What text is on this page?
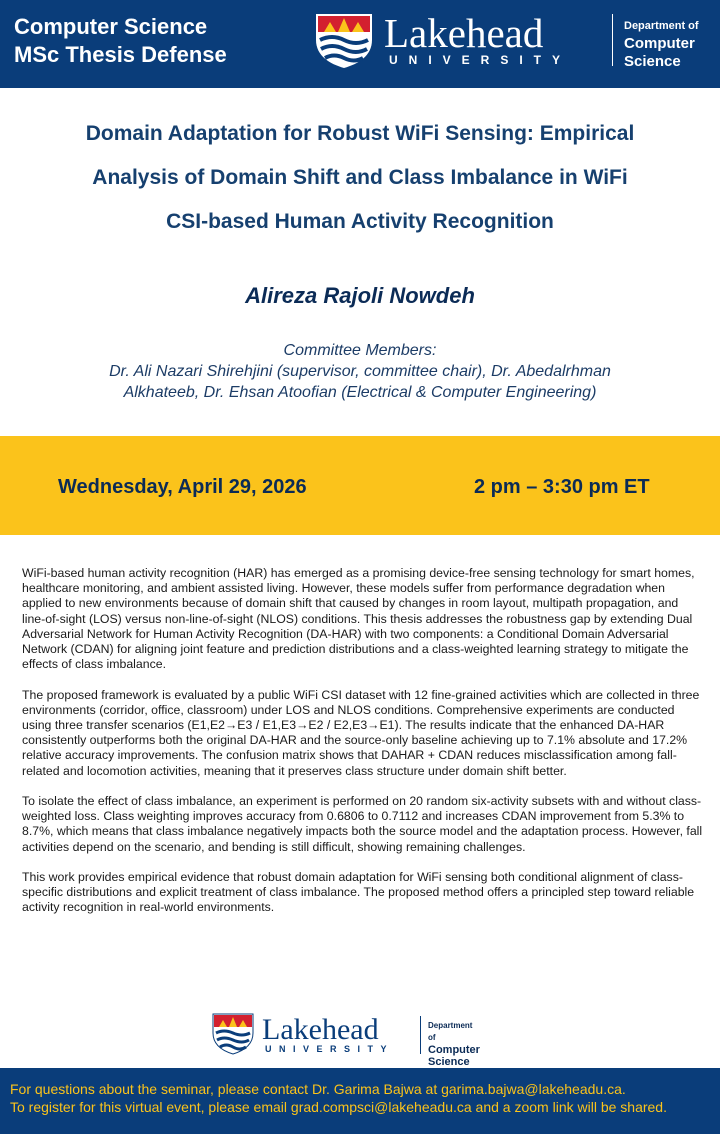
Computer Science
MSc Thesis Defense	Lakehead
UNIVERSITY
Department of
Computer
Science
Domain Adaptation for Robust WiFi Sensing: Empirical
Analysis of Domain Shift and Class Imbalance in WiFi
CSI-based Human Activity Recognition
Alireza Rajoli Nowdeh
Committee Members:
Dr. Ali Nazari Shirehjini (supervisor, committee chair), Dr. Abedalrhman
Alkhateeb, Dr. Ehsan Atoofian (Electrical & Computer Engineering)
Wednesday, April 29, 2026	2 pm – 3:30 pm ET

WiFi-based human activity recognition (HAR) has emerged as a promising device-free sensing technology for smart homes, healthcare monitoring, and ambient assisted living. However, these models suffer from performance degradation when applied to new environments because of domain shift that caused by changes in room layout, multipath propagation, and line-of-sight (LOS) versus non-line-of-sight (NLOS) conditions. This thesis addresses the robustness gap by extending Dual Adversarial Network for Human Activity Recognition (DA-HAR) with two components: a Conditional Domain Adversarial Network (CDAN) for aligning joint feature and prediction distributions and a class-weighted learning strategy to mitigate the effects of class imbalance.

The proposed framework is evaluated by a public WiFi CSI dataset with 12 fine-grained activities which are collected in three environments (corridor, office, classroom) under LOS and NLOS conditions. Comprehensive experiments are conducted using three transfer scenarios (E1,E2→E3 / E1,E3→E2 / E2,E3→E1). The results indicate that the enhanced DA-HAR consistently outperforms both the original DA-HAR and the source-only baseline achieving up to 7.1% absolute and 17.2% relative accuracy improvements. The confusion matrix shows that DAHAR + CDAN reduces misclassification among fall-related and locomotion activities, meaning that it preserves class structure under domain shift better.

To isolate the effect of class imbalance, an experiment is performed on 20 random six-activity subsets with and without class-weighted loss. Class weighting improves accuracy from 0.6806 to 0.7112 and increases CDAN improvement from 5.3% to 8.7%, which means that class imbalance negatively impacts both the source model and the adaptation process. However, fall activities depend on the scenario, and bending is still difficult, showing remaining challenges.

This work provides empirical evidence that robust domain adaptation for WiFi sensing both conditional alignment of class-specific distributions and explicit treatment of class imbalance. The proposed method offers a principled step toward reliable activity recognition in real-world environments.

Lakehead
UNIVERSITY
Department of
Computer
Science
For questions about the seminar, please contact Dr. Garima Bajwa at garima.bajwa@lakeheadu.ca.
To register for this virtual event, please email grad.compsci@lakeheadu.ca and a zoom link will be shared.
